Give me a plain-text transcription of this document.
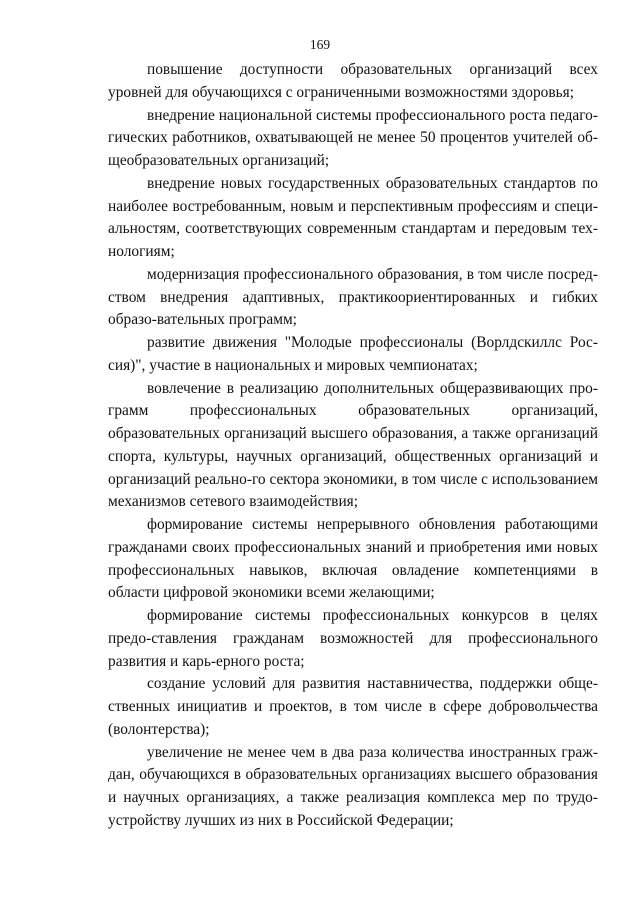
169

повышение доступности образовательных организаций всех уровней для обучающихся с ограниченными возможностями здоровья;

внедрение национальной системы профессионального роста педаго-гических работников, охватывающей не менее 50 процентов учителей об-щеобразовательных организаций;

внедрение новых государственных образовательных стандартов по наиболее востребованным, новым и перспективным профессиям и специ-альностям, соответствующих современным стандартам и передовым тех-нологиям;

модернизация профессионального образования, в том числе посред-ством внедрения адаптивных, практикоориентированных и гибких образо-вательных программ;

развитие движения "Молодые профессионалы (Ворлдскиллс Рос-сия)", участие в национальных и мировых чемпионатах;

вовлечение в реализацию дополнительных общеразвивающих про-грамм профессиональных образовательных организаций, образовательных организаций высшего образования, а также организаций спорта, культуры, научных организаций, общественных организаций и организаций реально-го сектора экономики, в том числе с использованием механизмов сетевого взаимодействия;

формирование системы непрерывного обновления работающими гражданами своих профессиональных знаний и приобретения ими новых профессиональных навыков, включая овладение компетенциями в области цифровой экономики всеми желающими;

формирование системы профессиональных конкурсов в целях предо-ставления гражданам возможностей для профессионального развития и карь-ерного роста;

создание условий для развития наставничества, поддержки обще-ственных инициатив и проектов, в том числе в сфере добровольчества (волонтерства);

увеличение не менее чем в два раза количества иностранных граж-дан, обучающихся в образовательных организациях высшего образования и научных организациях, а также реализация комплекса мер по трудо-устройству лучших из них в Российской Федерации;
